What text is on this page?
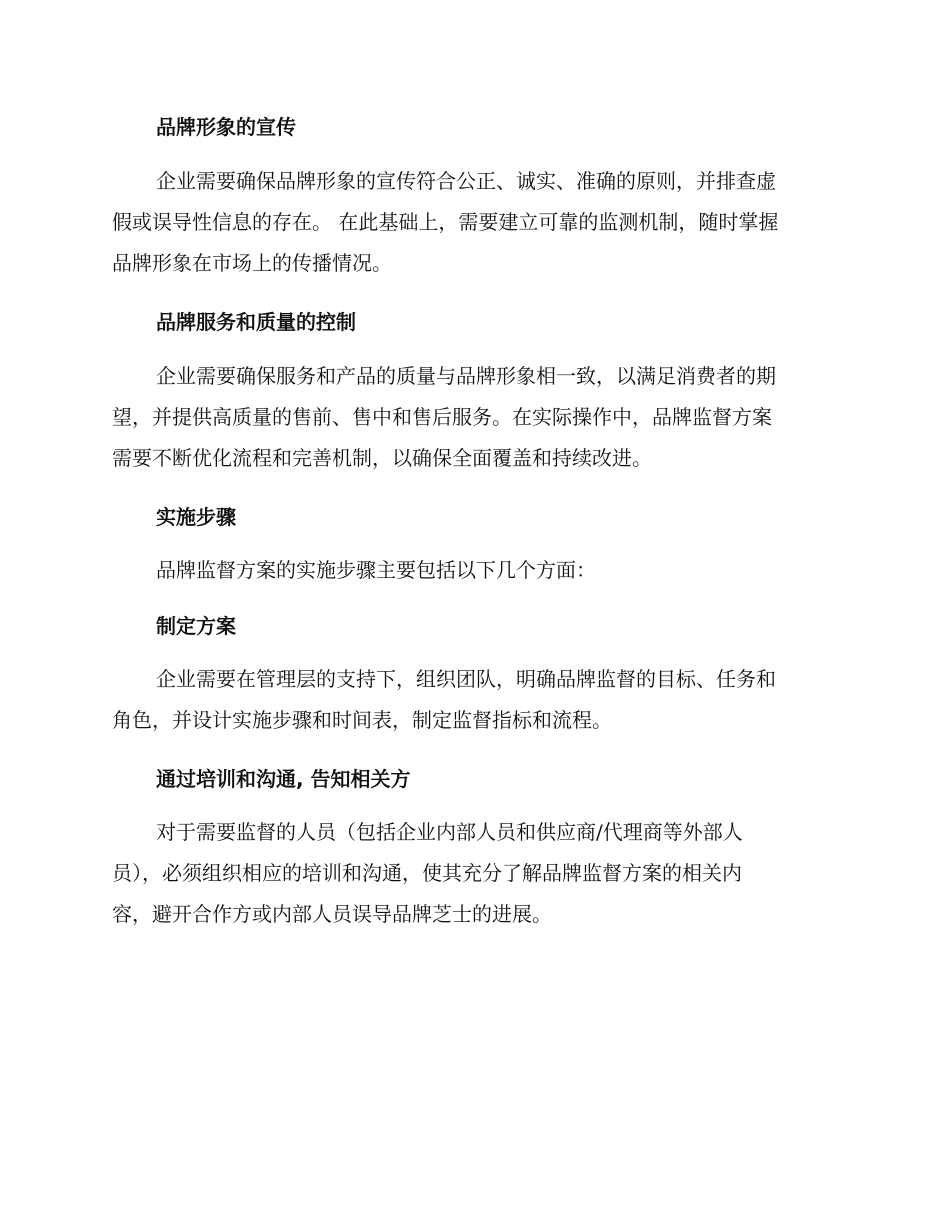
品牌形象的宣传
企业需要确保品牌形象的宣传符合公正、诚实、准确的原则，并排查虚
假或误导性信息的存在。 在此基础上，需要建立可靠的监测机制，随时掌握
品牌形象在市场上的传播情况。
品牌服务和质量的控制
企业需要确保服务和产品的质量与品牌形象相一致，以满足消费者的期
望，并提供高质量的售前、售中和售后服务。在实际操作中，品牌监督方案
需要不断优化流程和完善机制，以确保全面覆盖和持续改进。
实施步骤
品牌监督方案的实施步骤主要包括以下几个方面：
制定方案
企业需要在管理层的支持下，组织团队，明确品牌监督的目标、任务和
角色，并设计实施步骤和时间表，制定监督指标和流程。
通过培训和沟通, 告知相关方
对于需要监督的人员（包括企业内部人员和供应商/代理商等外部人
员），必须组织相应的培训和沟通，使其充分了解品牌监督方案的相关内
容，避开合作方或内部人员误导品牌芝士的进展。
